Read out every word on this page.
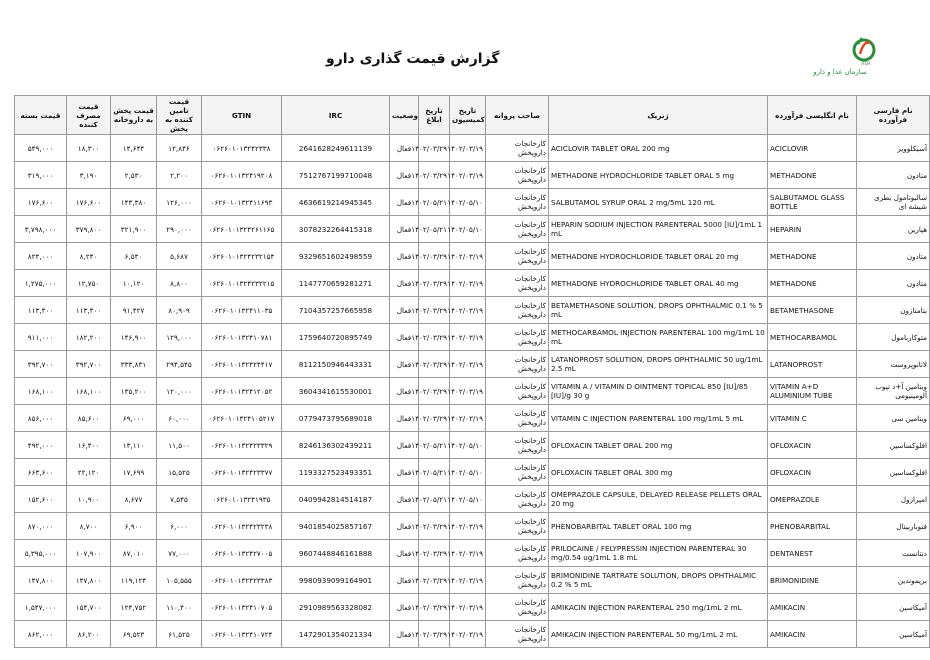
سازمان غذا و دارو
IFDA
گزارش قیمت گذاری دارو
قیمت بسته	قیمت مصرف کننده	قیمت پخش به داروخانه	قیمت تامین کننده به پخش	GTIN	IRC	وضعیت	تاریخ ابلاغ	تاریخ کمیسیون	صاحب پروانه	ژنریک	نام انگلیسی فرآورده	نام فارسی فرآورده
۵۴۹,۰۰۰	۱۸,۳۰۰	۱۴,۶۴۴	۱۲,۸۴۶	۰۶۲۶۰۱۰۱۳۲۴۲۳۳۸	2641628249611139	فعال	۱۴۰۲/۰۳/۲۹	۱۴۰۲/۰۳/۱۹	کارخانجات داروپخش	ACICLOVIR TABLET ORAL 200 mg	ACICLOVIR	آسیکلوویر
۳۱۹,۰۰۰	۳,۱۹۰	۲,۵۳۰	۲,۲۰۰	۰۶۲۶۰۱۰۱۳۲۴۱۹۲۰۸	7512767199710048	فعال	۱۴۰۲/۰۳/۲۹	۱۴۰۲/۰۳/۱۹	کارخانجات داروپخش	METHADONE HYDROCHLORIDE TABLET ORAL 5 mg	METHADONE	متادون
۱۷۶,۶۰۰	۱۷۶,۶۰۰	۱۴۳,۳۸۰	۱۲۶,۰۰۰	۰۶۲۶۰۱۰۱۳۲۴۱۱۶۹۳	4636619214945345	فعال	۱۴۰۲/۰۵/۲۱	۱۴۰۲/۰۵/۱۰	کارخانجات داروپخش	SALBUTAMOL SYRUP ORAL 2 mg/5mL 120 mL	SALBUTAMOL GLASS BOTTLE	سالبوتامول بطری شیشه ای
۳,۷۹۸,۰۰۰	۳۷۹,۸۰۰	۳۲۱,۹۰۰	۲۹۰,۰۰۰	۰۶۲۶۰۱۰۱۳۲۴۲۶۱۱۶۵	3078232264415318	فعال	۱۴۰۲/۰۵/۲۱	۱۴۰۲/۰۵/۱۰	کارخانجات داروپخش	HEPARIN SODIUM INJECTION PARENTERAL 5000 [IU]/1mL 1 mL	HEPARIN	هپارین
۸۲۴,۰۰۰	۸,۲۴۰	۶,۵۴۰	۵,۶۸۷	۰۶۲۶۰۱۰۱۳۲۴۲۳۲۱۵۴	9329651602498559	فعال	۱۴۰۲/۰۳/۲۹	۱۴۰۲/۰۳/۱۹	کارخانجات داروپخش	METHADONE HYDROCHLORIDE TABLET ORAL 20 mg	METHADONE	متادون
۱,۲۷۵,۰۰۰	۱۲,۷۵۰	۱۰,۱۲۰	۸,۸۰۰	۰۶۲۶۰۱۰۱۳۲۴۲۳۲۲۱۵	1147770659281271	فعال	۱۴۰۲/۰۳/۲۹	۱۴۰۲/۰۳/۱۹	کارخانجات داروپخش	METHADONE HYDROCHLORIDE TABLET ORAL 40 mg	METHADONE	متادون
۱۱۳,۴۰۰	۱۱۳,۴۰۰	۹۱,۴۲۷	۸۰,۹۰۹	۰۶۲۶۰۱۰۱۳۲۴۱۱۰۳۵	7104357257665958	فعال	۱۴۰۲/۰۳/۲۹	۱۴۰۲/۰۳/۱۹	کارخانجات داروپخش	BETAMETHASONE SOLUTION, DROPS OPHTHALMIC 0.1 % 5 mL	BETAMETHASONE	بتامتازون
۹۱۱,۰۰۰	۱۸۲,۲۰۰	۱۴۶,۹۰۰	۱۲۹,۰۰۰	۰۶۲۶۰۱۰۱۳۲۴۱۰۷۸۱	1759640720895749	فعال	۱۴۰۲/۰۳/۲۹	۱۴۰۲/۰۳/۱۹	کارخانجات داروپخش	METHOCARBAMOL INJECTION PARENTERAL 100 mg/1mL 10 mL	METHOCARBAMOL	متوکاربامول
۳۹۲,۷۰۰	۳۹۲,۷۰۰	۳۳۳,۸۳۱	۲۹۴,۵۴۵	۰۶۲۶۰۱۰۱۳۲۴۲۴۴۱۷	8112150946443331	فعال	۱۴۰۲/۰۳/۲۹	۱۴۰۲/۰۳/۱۹	کارخانجات داروپخش	LATANOPROST SOLUTION, DROPS OPHTHALMIC 50 ug/1mL 2.5 mL	LATANOPROST	لاتانوپروست
۱۶۸,۱۰۰	۱۶۸,۱۰۰	۱۳۵,۲۰۰	۱۲۰,۰۰۰	۰۶۲۶۰۱۰۱۳۲۴۱۲۰۵۲	3604341615530001	فعال	۱۴۰۲/۰۳/۲۹	۱۴۰۲/۰۳/۱۹	کارخانجات داروپخش	VITAMIN A / VITAMIN D OINTMENT TOPICAL 850 [IU]/85 [IU]/g 30 g	VITAMIN A+D ALUMINIUM TUBE	ویتامین آ+د تیوب آلومینیومی
۸۵۶,۰۰۰	۸۵,۶۰۰	۶۹,۰۰۰	۶۰,۰۰۰	۰۶۲۶۰۱۰۱۳۲۴۱۰۵۲۱۷	0779473795689018	فعال	۱۴۰۲/۰۳/۲۹	۱۴۰۲/۰۳/۱۹	کارخانجات داروپخش	VITAMIN C INJECTION PARENTERAL 100 mg/1mL 5 mL	VITAMIN C	ویتامین سی
۴۹۲,۰۰۰	۱۶,۴۰۰	۱۳,۱۱۰	۱۱,۵۰۰	۰۶۲۶۰۱۰۱۳۲۴۲۳۳۲۹	8246136302439211	فعال	۱۴۰۲/۰۵/۲۱	۱۴۰۲/۰۵/۱۰	کارخانجات داروپخش	OFLOXACIN TABLET ORAL 200 mg	OFLOXACIN	افلوکساسین
۶۶۳,۶۰۰	۲۲,۱۲۰	۱۷,۶۹۹	۱۵,۵۲۵	۰۶۲۶۰۱۰۱۳۲۴۲۳۳۷۷	1193327523493351	فعال	۱۴۰۲/۰۵/۲۱	۱۴۰۲/۰۵/۱۰	کارخانجات داروپخش	OFLOXACIN TABLET ORAL 300 mg	OFLOXACIN	افلوکساسین
۱۵۲,۶۰۰	۱۰,۹۰۰	۸,۶۷۷	۷,۵۴۵	۰۶۲۶۰۱۰۱۳۲۴۱۹۳۵	0409942814514187	فعال	۱۴۰۲/۰۵/۲۱	۱۴۰۲/۰۵/۱۰	کارخانجات داروپخش	OMEPRAZOLE CAPSULE, DELAYED RELEASE PELLETS ORAL 20 mg	OMEPRAZOLE	امپرازول
۸۷۰,۰۰۰	۸,۷۰۰	۶,۹۰۰	۶,۰۰۰	۰۶۲۶۰۱۰۱۳۲۴۲۳۲۳۸	9401854025857167	فعال	۱۴۰۲/۰۳/۲۹	۱۴۰۲/۰۳/۱۹	کارخانجات داروپخش	PHENOBARBITAL TABLET ORAL 100 mg	PHENOBARBITAL	فنوباربیتال
۵,۳۹۵,۰۰۰	۱۰۷,۹۰۰	۸۷,۰۱۰	۷۷,۰۰۰	۰۶۲۶۰۱۰۱۳۲۴۲۷۰۰۵	9607448846161888	فعال	۱۴۰۲/۰۳/۲۹	۱۴۰۲/۰۳/۱۹	کارخانجات داروپخش	PRILOCAINE / FELYPRESSIN INJECTION PARENTERAL 30 mg/0.54 ug/1mL 1.8 mL	DENTANEST	دنتانست
۱۴۷,۸۰۰	۱۴۷,۸۰۰	۱۱۹,۱۲۴	۱۰۵,۵۵۵	۰۶۲۶۰۱۰۱۳۲۴۲۳۳۸۳	9980939099164901	فعال	۱۴۰۲/۰۳/۲۹	۱۴۰۲/۰۳/۱۹	کارخانجات داروپخش	BRIMONIDINE TARTRATE SOLUTION, DROPS OPHTHALMIC 0.2 % 5 mL	BRIMONIDINE	بریموندین
۱,۵۴۷,۰۰۰	۱۵۴,۷۰۰	۱۲۴,۷۵۲	۱۱۰,۴۰۰	۰۶۲۶۰۱۰۱۳۲۴۱۰۷۰۵	2910989563328082	فعال	۱۴۰۲/۰۳/۲۹	۱۴۰۲/۰۳/۱۹	کارخانجات داروپخش	AMIKACIN INJECTION PARENTERAL 250 mg/1mL 2 mL	AMIKACIN	آمیکاسین
۸۶۲,۰۰۰	۸۶,۲۰۰	۶۹,۵۲۳	۶۱,۵۲۵	۰۶۲۶۰۱۰۱۳۲۴۱۰۷۲۴	1472901354021334	فعال	۱۴۰۲/۰۳/۲۹	۱۴۰۲/۰۳/۱۹	کارخانجات داروپخش	AMIKACIN INJECTION PARENTERAL 50 mg/1mL 2 mL	AMIKACIN	آمیکاسین
